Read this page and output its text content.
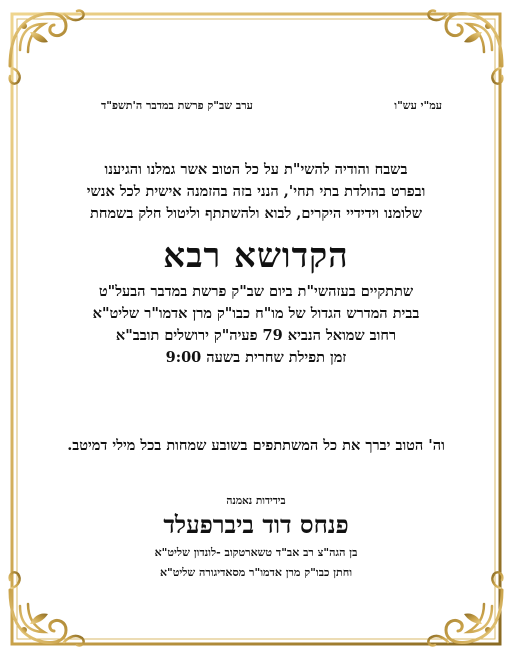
עמ"י עש"ו
ערב שב"ק פרשת במדבר ה'תשפ"ד
בשבח והודיה להשי"ת על כל הטוב אשר גמלנו והגיענו
ובפרט בהולדת בתי תחי', הנני בזה בהזמנה אישית לכל אנשי
שלומנו וידידיי היקרים, לבוא ולהשתתף וליטול חלק בשמחת
הקדושא רבא
שתתקיים בעזהשי"ת ביום שב"ק פרשת במדבר הבעל"ט
בבית המדרש הגדול של מו"ח כבו"ק מרן אדמו"ר שליט"א
רחוב שמואל הנביא 79 פעיה"ק ירושלים תובב"א
זמן תפילת שחרית בשעה 9:00
וה' הטוב יברך את כל המשתתפים בשובע שמחות בכל מילי דמיטב.
בידידות נאמנה
פנחס דוד ביברפעלד
בן הגה"צ רב אב"ד טשארטקוב -לונדון שליט"א
וחתן כבו"ק מרן אדמו"ר מסאדיגורה שליט"א
